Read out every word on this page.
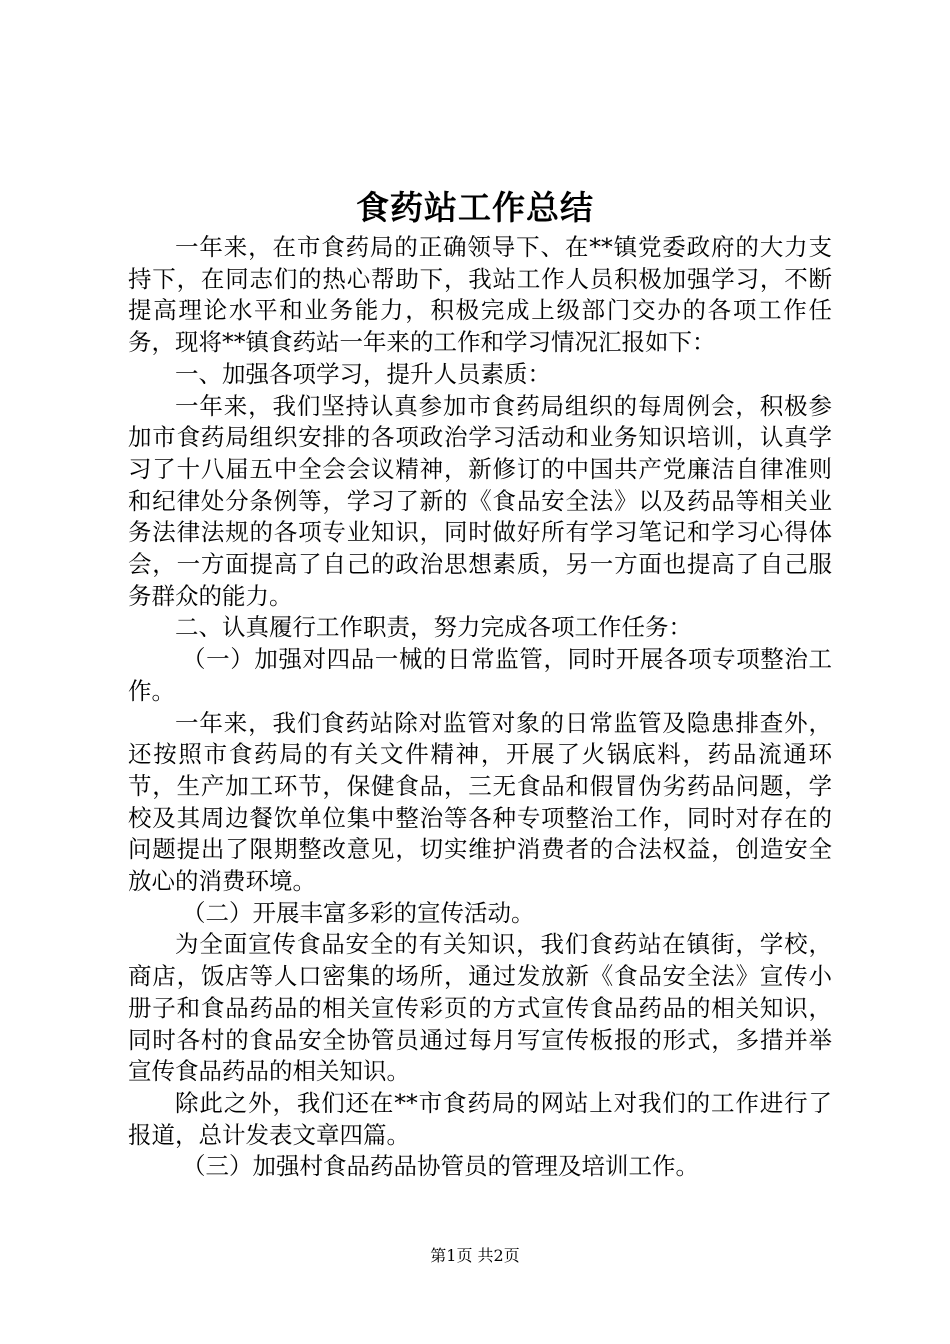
食药站工作总结

一年来，在市食药局的正确领导下、在**镇党委政府的大力支持下，在同志们的热心帮助下，我站工作人员积极加强学习，不断提高理论水平和业务能力，积极完成上级部门交办的各项工作任务，现将**镇食药站一年来的工作和学习情况汇报如下：

一、加强各项学习，提升人员素质：

一年来，我们坚持认真参加市食药局组织的每周例会，积极参加市食药局组织安排的各项政治学习活动和业务知识培训，认真学习了十八届五中全会会议精神，新修订的中国共产党廉洁自律准则和纪律处分条例等，学习了新的《食品安全法》以及药品等相关业务法律法规的各项专业知识，同时做好所有学习笔记和学习心得体会，一方面提高了自己的政治思想素质，另一方面也提高了自己服务群众的能力。

二、认真履行工作职责，努力完成各项工作任务：

（一）加强对四品一械的日常监管，同时开展各项专项整治工作。

一年来，我们食药站除对监管对象的日常监管及隐患排查外，还按照市食药局的有关文件精神，开展了火锅底料，药品流通环节，生产加工环节，保健食品，三无食品和假冒伪劣药品问题，学校及其周边餐饮单位集中整治等各种专项整治工作，同时对存在的问题提出了限期整改意见，切实维护消费者的合法权益，创造安全放心的消费环境。

（二）开展丰富多彩的宣传活动。

为全面宣传食品安全的有关知识，我们食药站在镇街，学校，商店，饭店等人口密集的场所，通过发放新《食品安全法》宣传小册子和食品药品的相关宣传彩页的方式宣传食品药品的相关知识，同时各村的食品安全协管员通过每月写宣传板报的形式，多措并举宣传食品药品的相关知识。

除此之外，我们还在**市食药局的网站上对我们的工作进行了报道，总计发表文章四篇。

（三）加强村食品药品协管员的管理及培训工作。

第1页 共2页
